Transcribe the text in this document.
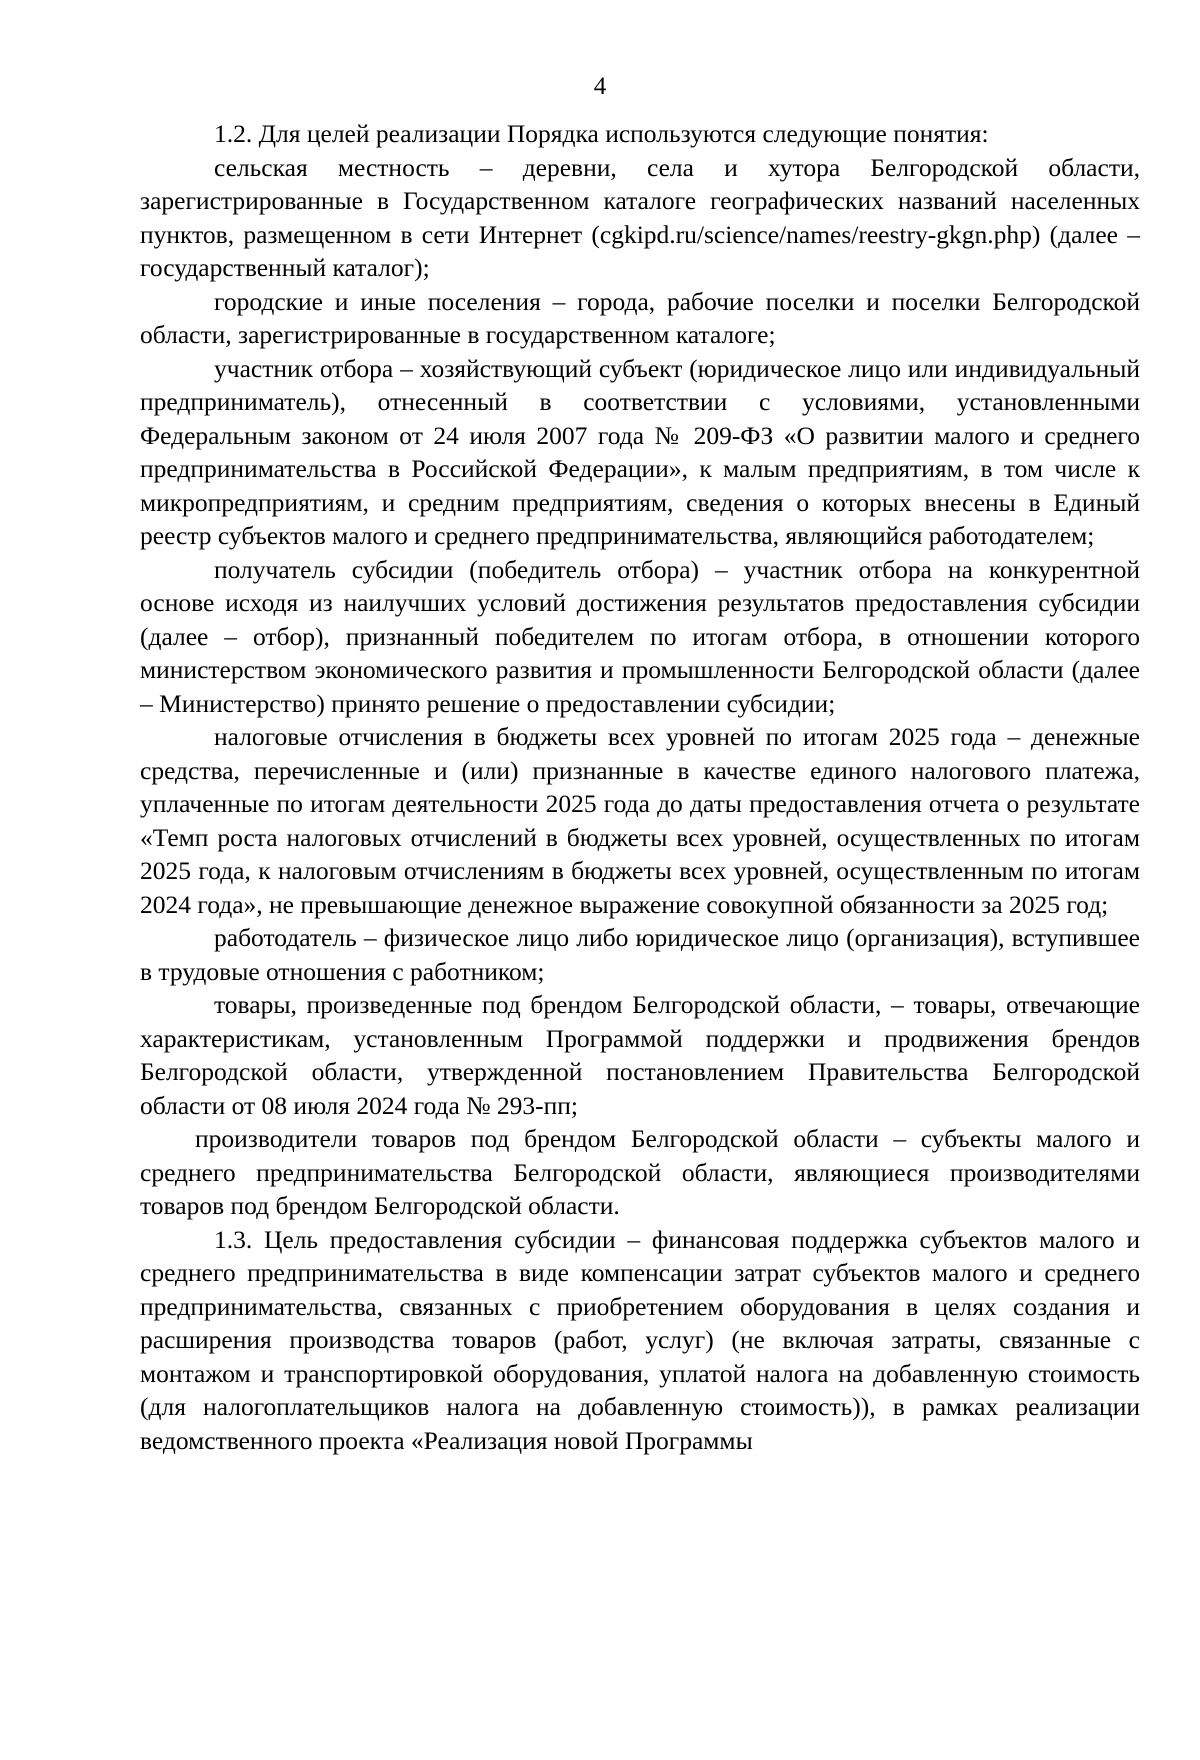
4

1.2. Для целей реализации Порядка используются следующие понятия:

сельская местность – деревни, села и хутора Белгородской области, зарегистрированные в Государственном каталоге географических названий населенных пунктов, размещенном в сети Интернет (cgkipd.ru/science/names/reestry-gkgn.php) (далее – государственный каталог);

городские и иные поселения – города, рабочие поселки и поселки Белгородской области, зарегистрированные в государственном каталоге;

участник отбора – хозяйствующий субъект (юридическое лицо или индивидуальный предприниматель), отнесенный в соответствии с условиями, установленными Федеральным законом от 24 июля 2007 года № 209-ФЗ «О развитии малого и среднего предпринимательства в Российской Федерации», к малым предприятиям, в том числе к микропредприятиям, и средним предприятиям, сведения о которых внесены в Единый реестр субъектов малого и среднего предпринимательства, являющийся работодателем;

получатель субсидии (победитель отбора) – участник отбора на конкурентной основе исходя из наилучших условий достижения результатов предоставления субсидии (далее – отбор), признанный победителем по итогам отбора, в отношении которого министерством экономического развития и промышленности Белгородской области (далее – Министерство) принято решение о предоставлении субсидии;

налоговые отчисления в бюджеты всех уровней по итогам 2025 года – денежные средства, перечисленные и (или) признанные в качестве единого налогового платежа, уплаченные по итогам деятельности 2025 года до даты предоставления отчета о результате «Темп роста налоговых отчислений в бюджеты всех уровней, осуществленных по итогам 2025 года, к налоговым отчислениям в бюджеты всех уровней, осуществленным по итогам 2024 года», не превышающие денежное выражение совокупной обязанности за 2025 год;

работодатель – физическое лицо либо юридическое лицо (организация), вступившее в трудовые отношения с работником;

товары, произведенные под брендом Белгородской области, – товары, отвечающие характеристикам, установленным Программой поддержки и продвижения брендов Белгородской области, утвержденной постановлением Правительства Белгородской области от 08 июля 2024 года № 293-пп;

производители товаров под брендом Белгородской области – субъекты малого и среднего предпринимательства Белгородской области, являющиеся производителями товаров под брендом Белгородской области.

1.3. Цель предоставления субсидии – финансовая поддержка субъектов малого и среднего предпринимательства в виде компенсации затрат субъектов малого и среднего предпринимательства, связанных с приобретением оборудования в целях создания и расширения производства товаров (работ, услуг) (не включая затраты, связанные с монтажом и транспортировкой оборудования, уплатой налога на добавленную стоимость (для налогоплательщиков налога на добавленную стоимость)), в рамках реализации ведомственного проекта «Реализация новой Программы
